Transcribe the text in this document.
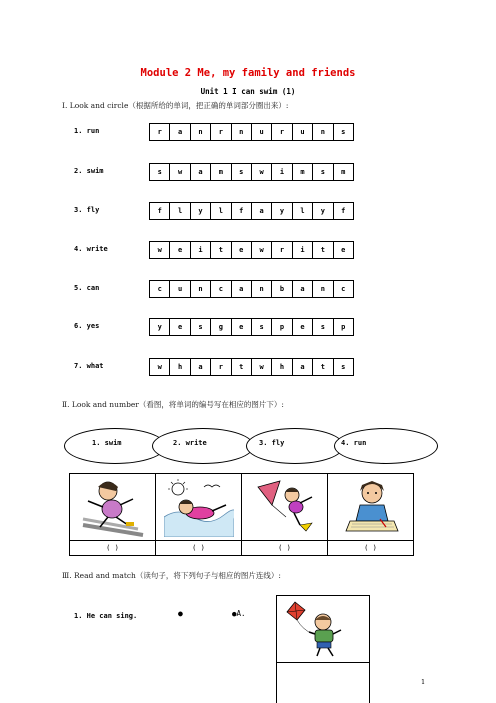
Module 2 Me, my family and friends
Unit 1 I can swim (1)
Ⅰ. Look and circle（根据所给的单词，把正确的单词部分圈出来）:
1. run	r	a	n	r	n	u	r	u	n	s
2. swim	s	w	a	m	s	w	i	m	s	m
3. fly	f	l	y	l	f	a	y	l	y	f
4. write	w	e	i	t	e	w	r	i	t	e
5. can	c	u	n	c	a	n	b	a	n	c
6. yes	y	e	s	g	e	s	p	e	s	p
7. what	w	h	a	r	t	w	h	a	t	s
Ⅱ. Look and number（看图，将单词的编号写在相应的图片下）:
1. swim	2. write	3. fly	4. run

( )	( )	( )	( )
Ⅲ. Read and match（读句子，将下列句子与相应的图片连线）:
1. He can sing.	●	●A.
1
